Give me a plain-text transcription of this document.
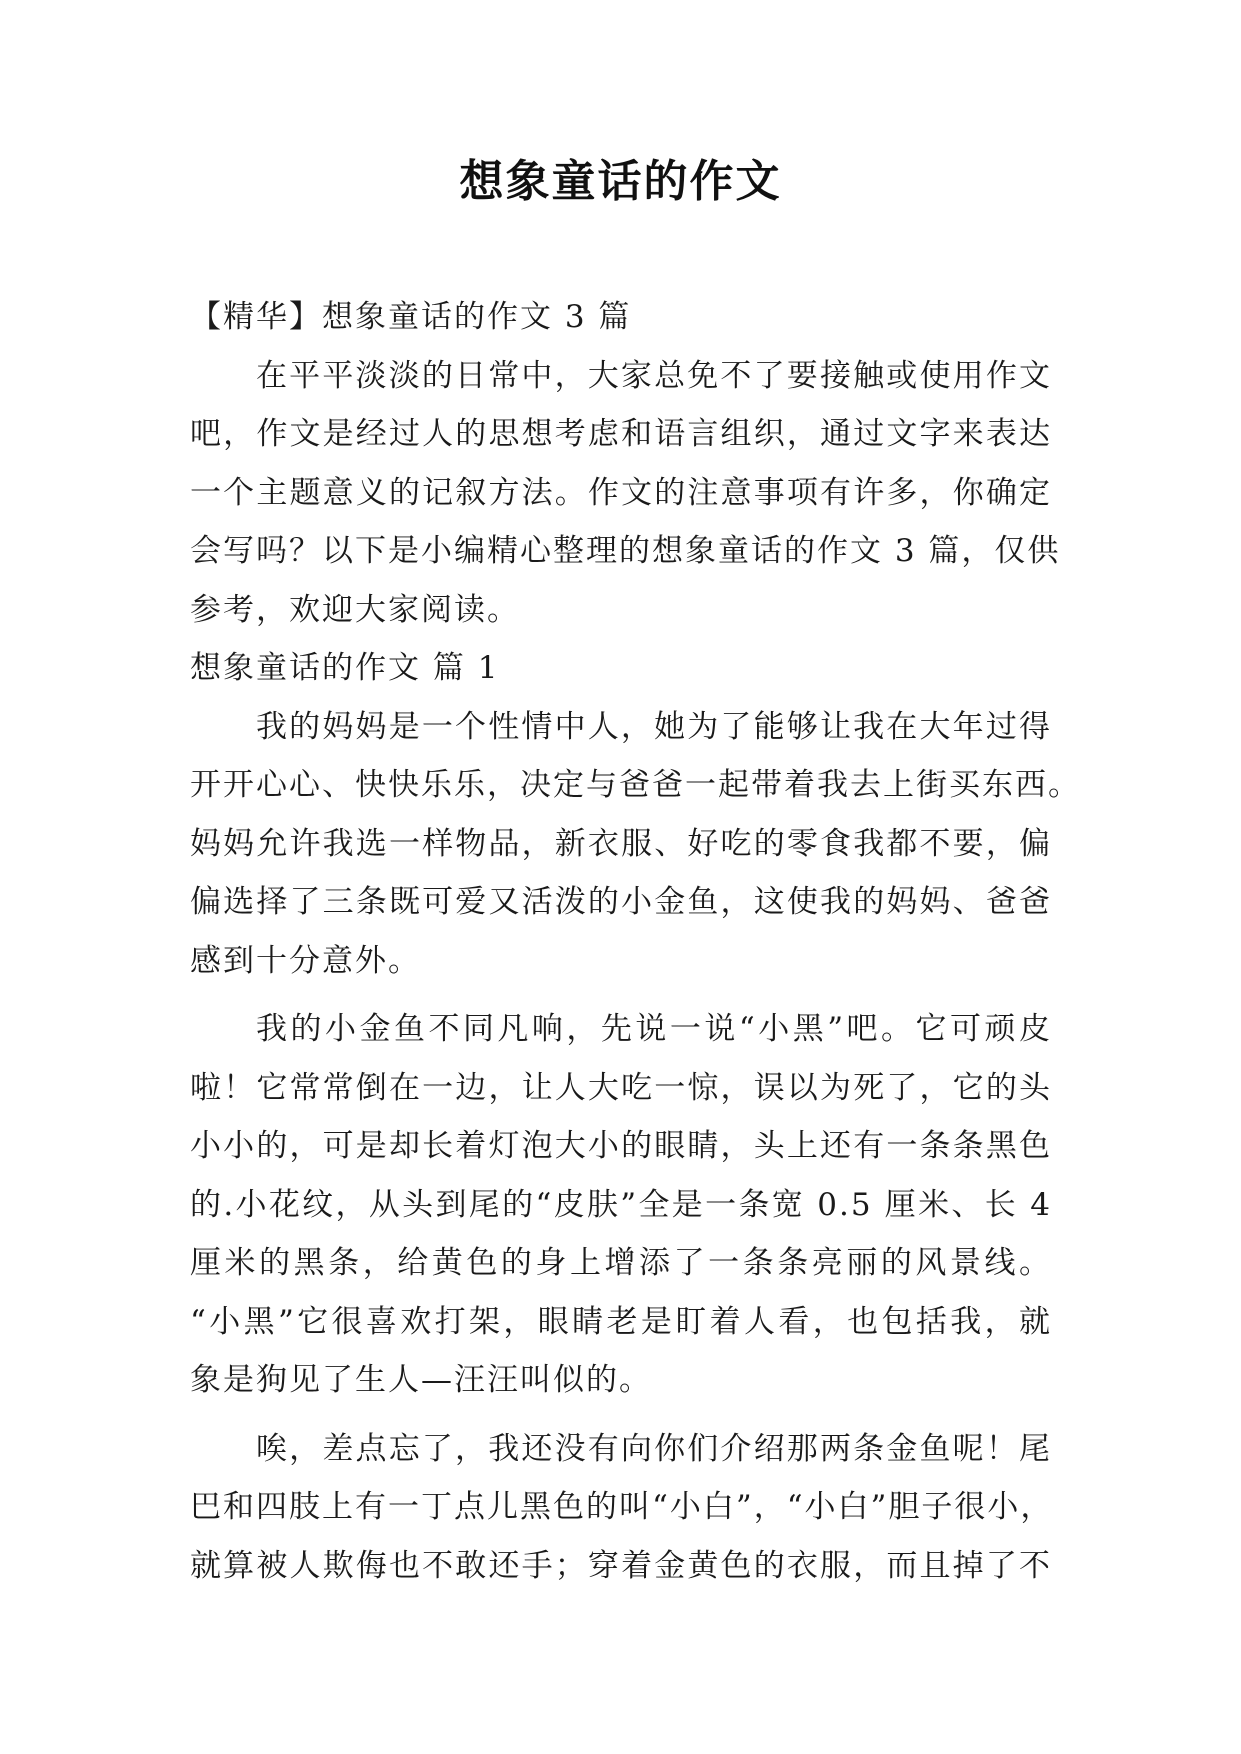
想象童话的作文
【精华】想象童话的作文 3 篇
在平平淡淡的日常中，大家总免不了要接触或使用作文
吧，作文是经过人的思想考虑和语言组织，通过文字来表达
一个主题意义的记叙方法。作文的注意事项有许多，你确定
会写吗？以下是小编精心整理的想象童话的作文 3 篇，仅供
参考，欢迎大家阅读。
想象童话的作文 篇 1
我的妈妈是一个性情中人，她为了能够让我在大年过得
开开心心、快快乐乐，决定与爸爸一起带着我去上街买东西。
妈妈允许我选一样物品，新衣服、好吃的零食我都不要，偏
偏选择了三条既可爱又活泼的小金鱼，这使我的妈妈、爸爸
感到十分意外。
我的小金鱼不同凡响，先说一说“小黑”吧。它可顽皮
啦！它常常倒在一边，让人大吃一惊，误以为死了，它的头
小小的，可是却长着灯泡大小的眼睛，头上还有一条条黑色
的.小花纹，从头到尾的“皮肤”全是一条宽 0.5 厘米、长 4
厘米的黑条，给黄色的身上增添了一条条亮丽的风景线。
“小黑”它很喜欢打架，眼睛老是盯着人看，也包括我，就
象是狗见了生人—汪汪叫似的。
唉，差点忘了，我还没有向你们介绍那两条金鱼呢！尾
巴和四肢上有一丁点儿黑色的叫“小白”，“小白”胆子很小，
就算被人欺侮也不敢还手；穿着金黄色的衣服，而且掉了不
